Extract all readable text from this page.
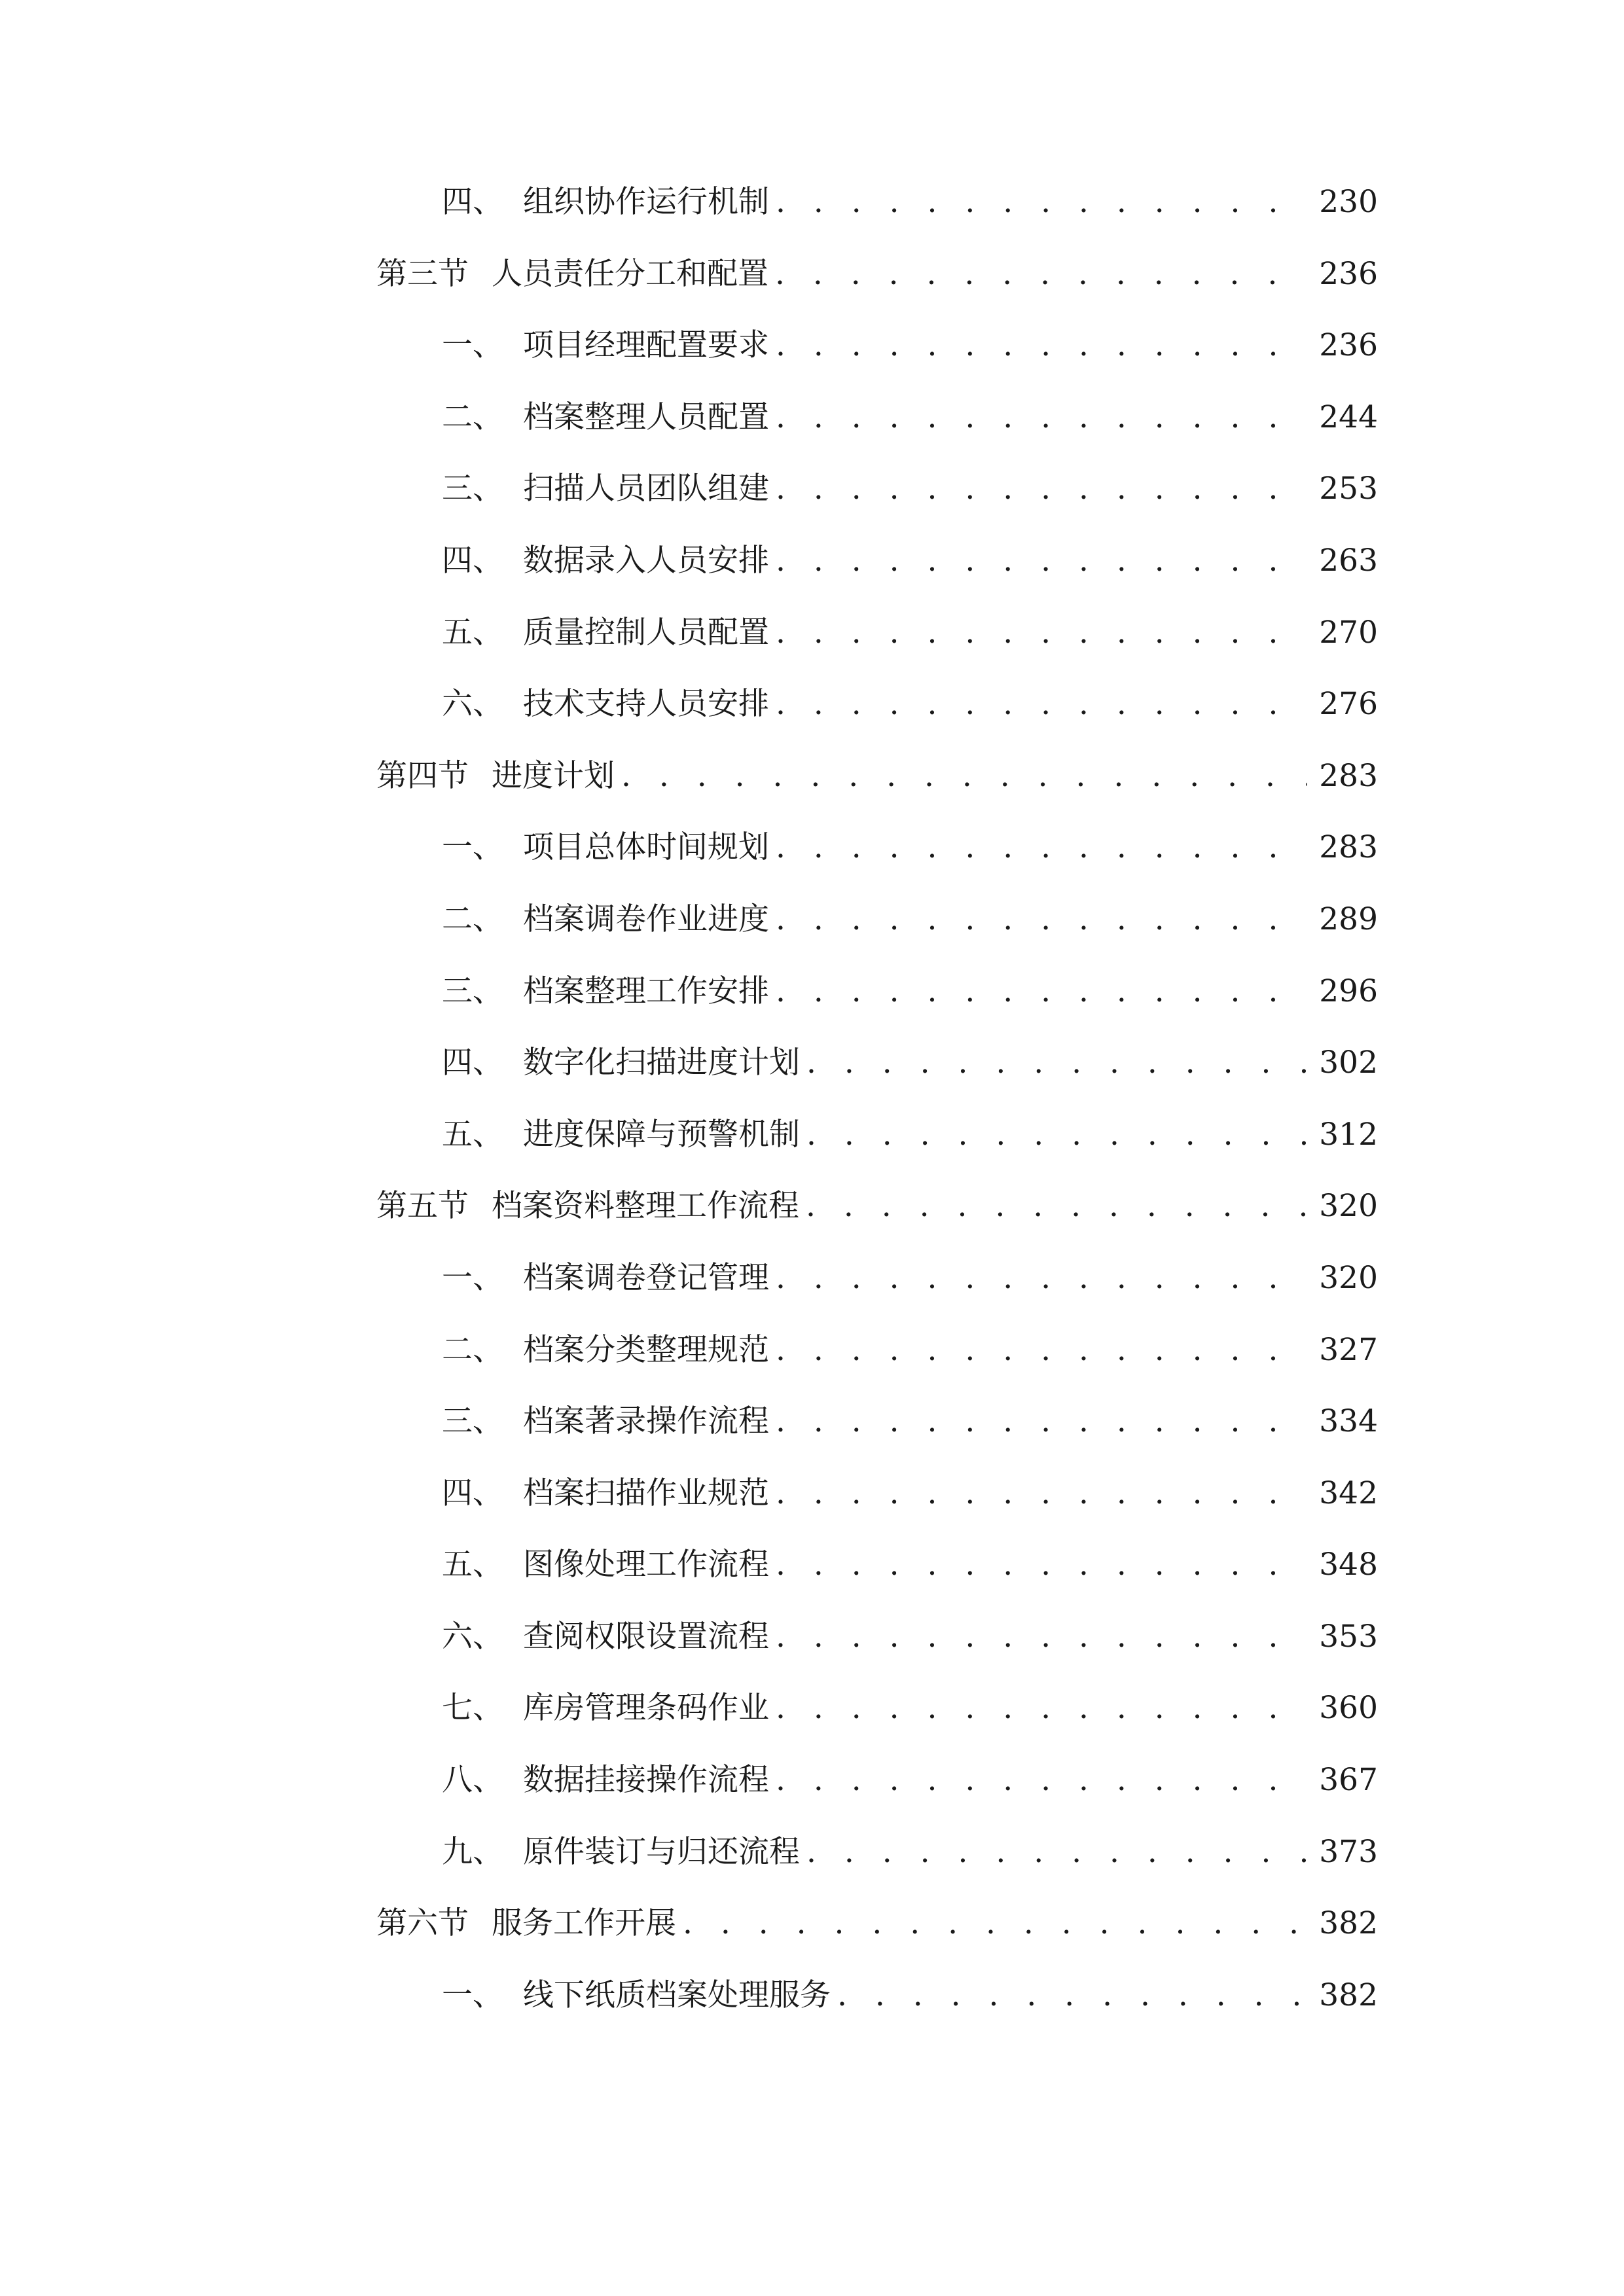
四、 组织协作运行机制 . . .	230
第三节 人员责任分工和配置 . . .	236
一、 项目经理配置要求 . . .	236
二、 档案整理人员配置 . . .	244
三、 扫描人员团队组建 . . .	253
四、 数据录入人员安排 . . .	263
五、 质量控制人员配置 . . .	270
六、 技术支持人员安排 . . .	276
第四节 进度计划 . . .	283
一、 项目总体时间规划 . . .	283
二、 档案调卷作业进度 . . .	289
三、 档案整理工作安排 . . .	296
四、 数字化扫描进度计划 . . .	302
五、 进度保障与预警机制 . . .	312
第五节 档案资料整理工作流程 . . .	320
一、 档案调卷登记管理 . . .	320
二、 档案分类整理规范 . . .	327
三、 档案著录操作流程 . . .	334
四、 档案扫描作业规范 . . .	342
五、 图像处理工作流程 . . .	348
六、 查阅权限设置流程 . . .	353
七、 库房管理条码作业 . . .	360
八、 数据挂接操作流程 . . .	367
九、 原件装订与归还流程 . . .	373
第六节 服务工作开展 . . .	382
一、 线下纸质档案处理服务 . . .	382
